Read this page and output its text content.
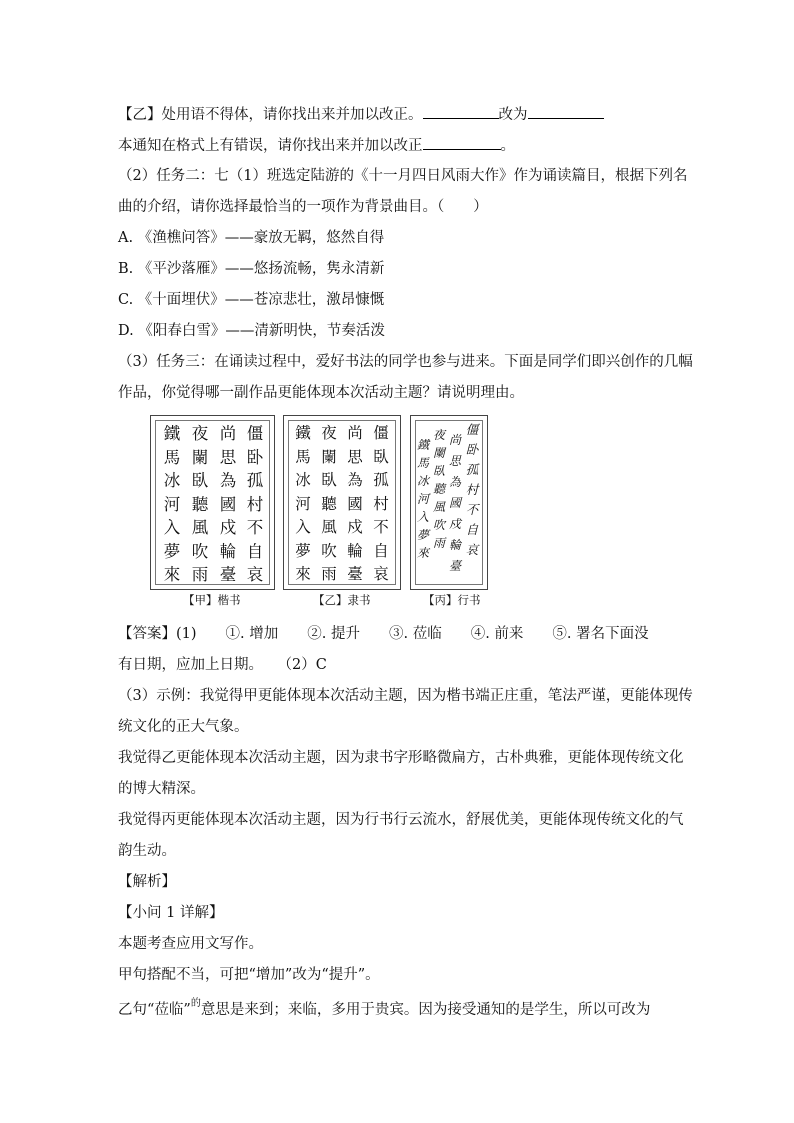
【乙】处用语不得体，请你找出来并加以改正。	改为
本通知在格式上有错误，请你找出来并加以改正	。
（2）任务二：七（1）班选定陆游的《十一月四日风雨大作》作为诵读篇目，根据下列名
曲的介绍，请你选择最恰当的一项作为背景曲目。（　　）
A. 《渔樵问答》——豪放无羁，悠然自得
B. 《平沙落雁》——悠扬流畅，隽永清新
C. 《十面埋伏》——苍凉悲壮，激昂慷慨
D. 《阳春白雪》——清新明快，节奏活泼
（3）任务三：在诵读过程中，爱好书法的同学也参与进来。下面是同学们即兴创作的几幅
作品，你觉得哪一副作品更能体现本次活动主题？请说明理由。
僵卧孤村不自哀
尚思為國戍輪臺
夜闌臥聽風吹雨
鐵馬冰河入夢來
僵臥孤村不自哀
尚思為國戍輪臺
夜闌臥聽風吹雨
鐵馬冰河入夢來
僵卧孤村不自哀
尚思為國戍輪臺
夜闌臥聽風吹雨
鐵馬冰河入夢來
【甲】楷书	【乙】隶书	【丙】行书
【答案】(1)　　①. 增加　　②. 提升　　③. 莅临　　④. 前来　　⑤. 署名下面没
有日期，应加上日期。　　（2）C
（3）示例：我觉得甲更能体现本次活动主题，因为楷书端正庄重，笔法严谨，更能体现传
统文化的正大气象。
我觉得乙更能体现本次活动主题，因为隶书字形略微扁方，古朴典雅，更能体现传统文化
的博大精深。
我觉得丙更能体现本次活动主题，因为行书行云流水，舒展优美，更能体现传统文化的气
韵生动。
【解析】
【小问 1 详解】
本题考查应用文写作。
甲句搭配不当，可把“增加”改为“提升”。
乙句“莅临”$^的$意思是来到；来临，多用于贵宾。因为接受通知的是学生，所以可改为
